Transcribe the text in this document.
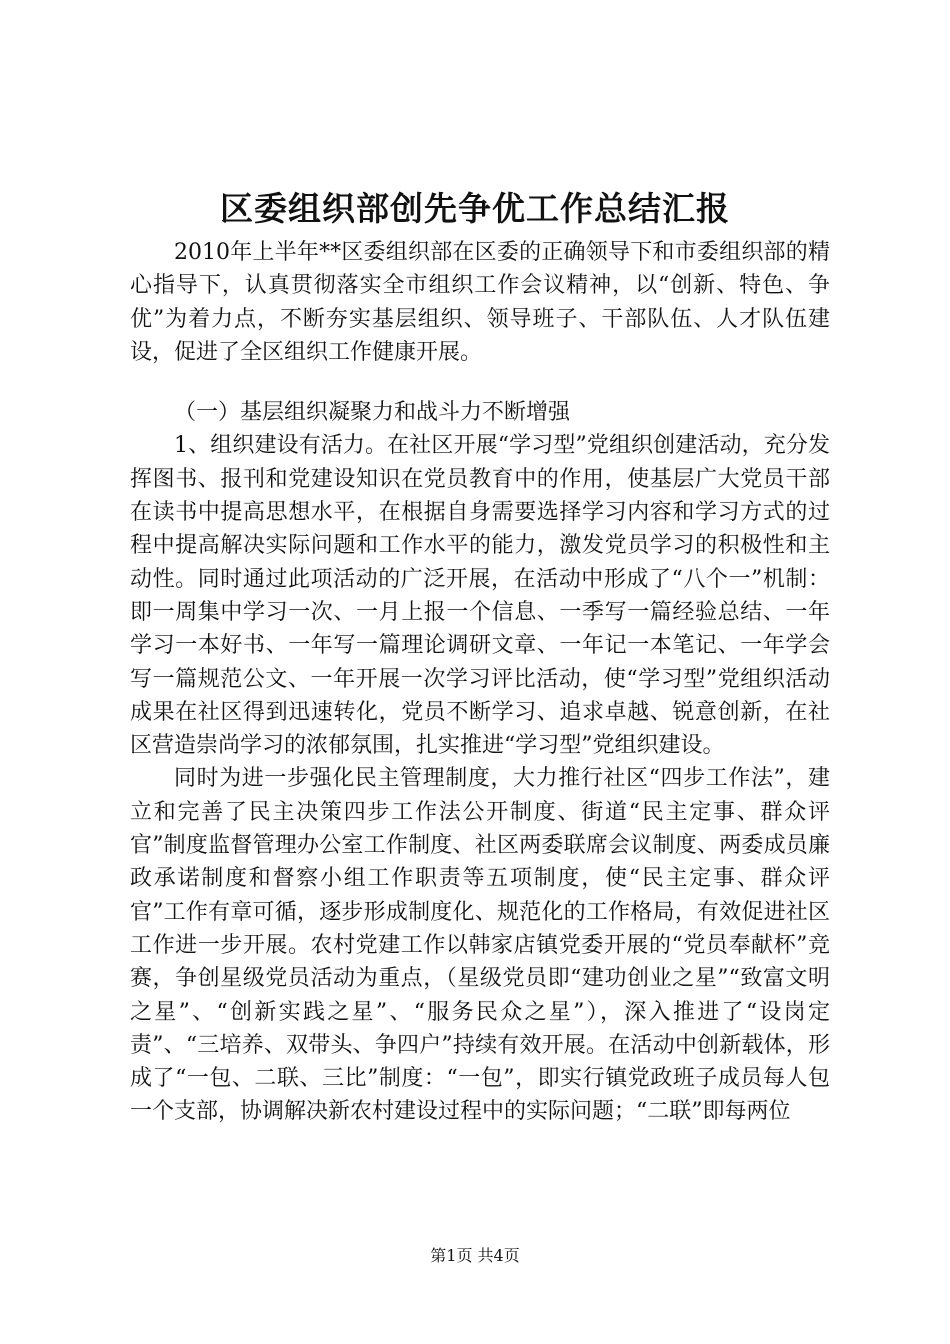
区委组织部创先争优工作总结汇报

2010年上半年**区委组织部在区委的正确领导下和市委组织部的精心指导下，认真贯彻落实全市组织工作会议精神，以“创新、特色、争优”为着力点，不断夯实基层组织、领导班子、干部队伍、人才队伍建设，促进了全区组织工作健康开展。

（一）基层组织凝聚力和战斗力不断增强

1、组织建设有活力。在社区开展“学习型”党组织创建活动，充分发挥图书、报刊和党建设知识在党员教育中的作用，使基层广大党员干部在读书中提高思想水平，在根据自身需要选择学习内容和学习方式的过程中提高解决实际问题和工作水平的能力，激发党员学习的积极性和主动性。同时通过此项活动的广泛开展，在活动中形成了“八个一”机制：即一周集中学习一次、一月上报一个信息、一季写一篇经验总结、一年学习一本好书、一年写一篇理论调研文章、一年记一本笔记、一年学会写一篇规范公文、一年开展一次学习评比活动，使“学习型”党组织活动成果在社区得到迅速转化，党员不断学习、追求卓越、锐意创新，在社区营造崇尚学习的浓郁氛围，扎实推进“学习型”党组织建设。

同时为进一步强化民主管理制度，大力推行社区“四步工作法”，建立和完善了民主决策四步工作法公开制度、街道“民主定事、群众评官”制度监督管理办公室工作制度、社区两委联席会议制度、两委成员廉政承诺制度和督察小组工作职责等五项制度，使“民主定事、群众评官”工作有章可循，逐步形成制度化、规范化的工作格局，有效促进社区工作进一步开展。农村党建工作以韩家店镇党委开展的“党员奉献杯”竞赛，争创星级党员活动为重点，（星级党员即“建功创业之星”“致富文明之星”、“创新实践之星”、“服务民众之星”），深入推进了“设岗定责”、“三培养、双带头、争四户”持续有效开展。在活动中创新载体，形成了“一包、二联、三比”制度：“一包”，即实行镇党政班子成员每人包一个支部，协调解决新农村建设过程中的实际问题；“二联”即每两位

第1页 共4页
